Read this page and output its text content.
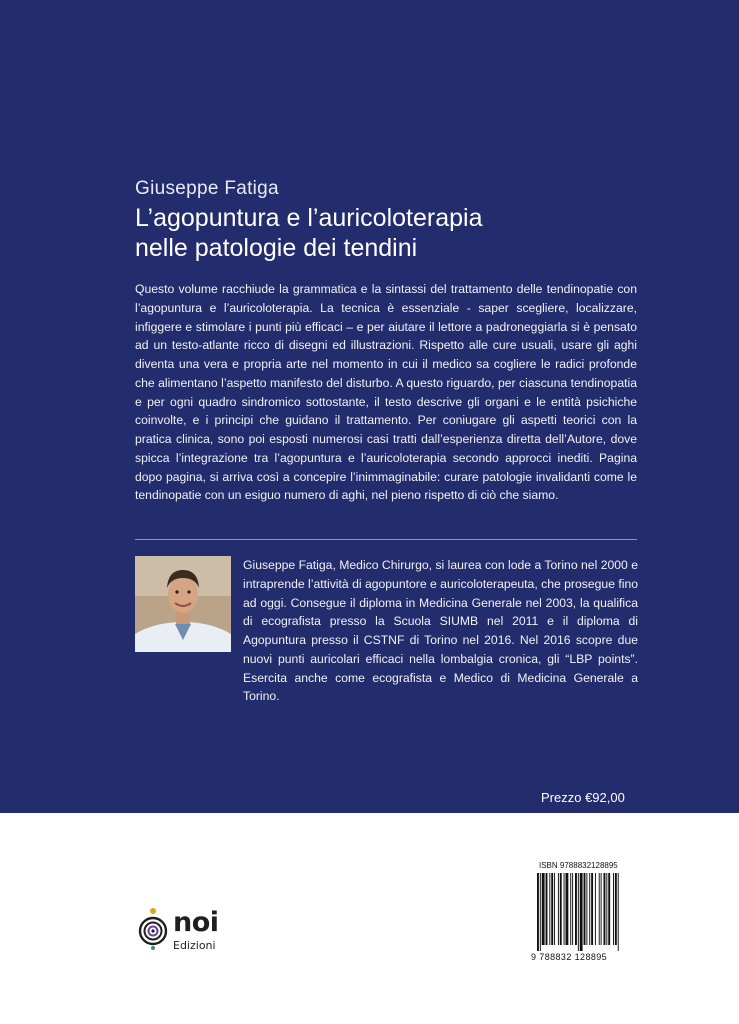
Giuseppe Fatiga
L’agopuntura e l’auricoloterapia
nelle patologie dei tendini

Questo volume racchiude la grammatica e la sintassi del trattamento delle tendinopatie con l’agopuntura e l’auricoloterapia. La tecnica è essenziale - saper scegliere, localizzare, infiggere e stimolare i punti più efficaci – e per aiutare il lettore a padroneggiarla si è pensato ad un testo-atlante ricco di disegni ed illustrazioni. Rispetto alle cure usuali, usare gli aghi diventa una vera e propria arte nel momento in cui il medico sa cogliere le radici profonde che alimentano l’aspetto manifesto del disturbo. A questo riguardo, per ciascuna tendinopatia e per ogni quadro sindromico sottostante, il testo descrive gli organi e le entità psichiche coinvolte, e i principi che guidano il trattamento. Per coniugare gli aspetti teorici con la pratica clinica, sono poi esposti numerosi casi tratti dall’esperienza diretta dell’Autore, dove spicca l’integrazione tra l’agopuntura e l’auricoloterapia secondo approcci inediti. Pagina dopo pagina, si arriva così a concepire l’inimmaginabile: curare patologie invalidanti come le tendinopatie con un esiguo numero di aghi, nel pieno rispetto di ciò che siamo.

Giuseppe Fatiga, Medico Chirurgo, si laurea con lode a Torino nel 2000 e intraprende l’attività di agopuntore e auricoloterapeuta, che prosegue fino ad oggi. Consegue il diploma in Medicina Generale nel 2003, la qualifica di ecografista presso la Scuola SIUMB nel 2011 e il diploma di Agopuntura presso il CSTNF di Torino nel 2016. Nel 2016 scopre due nuovi punti auricolari efficaci nella lombalgia cronica, gli “LBP points”. Esercita anche come ecografista e Medico di Medicina Generale a Torino.

Prezzo €92,00
noi
Edizioni
ISBN 9788832128895
9 788832 128895
